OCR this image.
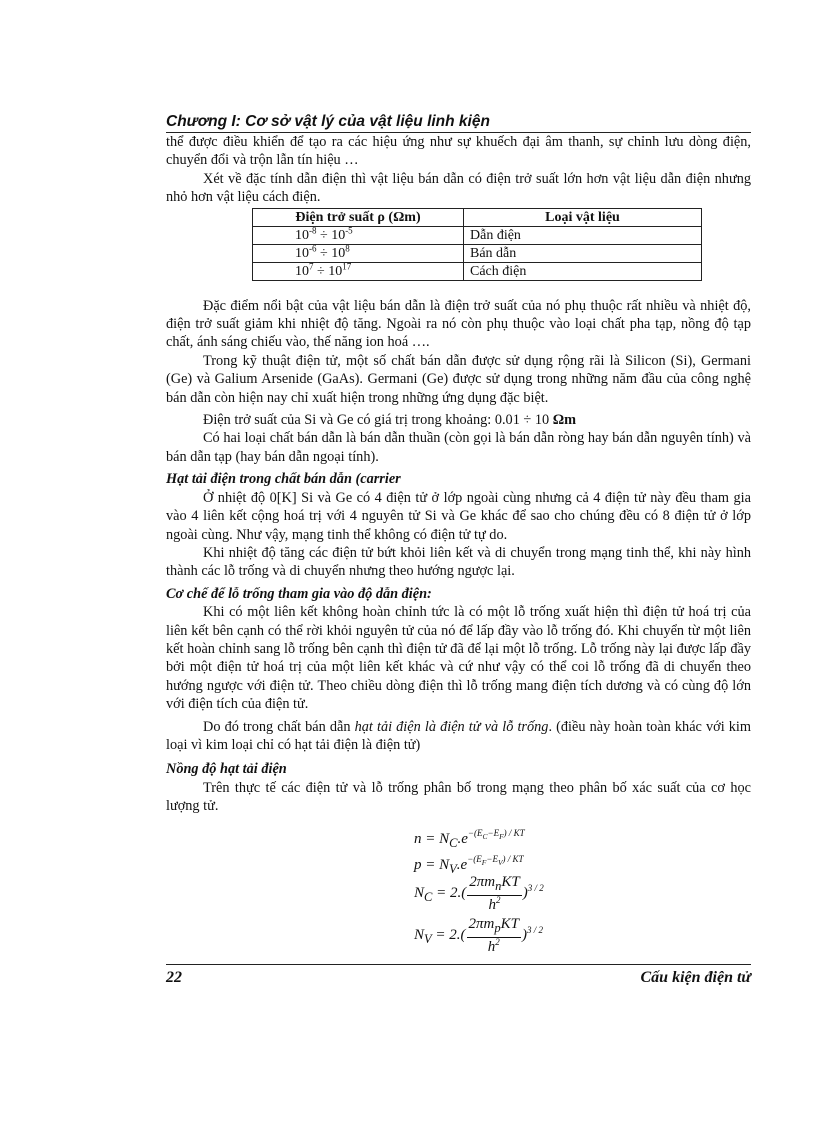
Chương I: Cơ sở vật lý của vật liệu linh kiện

thể được điều khiển để tạo ra các hiệu ứng như sự khuếch đại âm thanh, sự chỉnh lưu dòng điện, chuyển đổi và trộn lẫn tín hiệu …

Xét về đặc tính dẫn điện thì vật liệu bán dẫn có điện trở suất lớn hơn vật liệu dẫn điện nhưng nhỏ hơn vật liệu cách điện.

Điện trở suất ρ (Ωm)	Loại vật liệu
$10^{-8} \div 10^{-5}$	Dẫn điện
$10^{-6} \div 10^8$	Bán dẫn
$10^7 \div 10^{17}$	Cách điện

Đặc điểm nổi bật của vật liệu bán dẫn là điện trở suất của nó phụ thuộc rất nhiều và nhiệt độ, điện trở suất giảm khi nhiệt độ tăng. Ngoài ra nó còn phụ thuộc vào loại chất pha tạp, nồng độ tạp chất, ánh sáng chiếu vào, thế năng ion hoá ….

Trong kỹ thuật điện tử, một số chất bán dẫn được sử dụng rộng rãi là Silicon (Si), Germani (Ge) và Galium Arsenide (GaAs). Germani (Ge) được sử dụng trong những năm đầu của công nghệ bán dẫn còn hiện nay chỉ xuất hiện trong những ứng dụng đặc biệt.

Điện trở suất của Si và Ge có giá trị trong khoảng: 0.01 ÷ 10 Ωm

Có hai loại chất bán dẫn là bán dẫn thuần (còn gọi là bán dẫn ròng hay bán dẫn nguyên tính) và bán dẫn tạp (hay bán dẫn ngoại tính).

Hạt tải điện trong chất bán dẫn (carrier

Ở nhiệt độ 0[K] Si và Ge có 4 điện tử ở lớp ngoài cùng nhưng cả 4 điện tử này đều tham gia vào 4 liên kết cộng hoá trị với 4 nguyên tử Si và Ge khác để sao cho chúng đều có 8 điện tử ở lớp ngoài cùng. Như vậy, mạng tinh thể không có điện tử tự do.

Khi nhiệt độ tăng các điện tử bứt khỏi liên kết và di chuyển trong mạng tinh thể, khi này hình thành các lỗ trống và di chuyển nhưng theo hướng ngược lại.

Cơ chế để lỗ trống tham gia vào độ dẫn điện:

Khi có một liên kết không hoàn chỉnh tức là có một lỗ trống xuất hiện thì điện tử hoá trị của liên kết bên cạnh có thể rời khỏi nguyên tử của nó để lấp đầy vào lỗ trống đó. Khi chuyển từ một liên kết hoàn chỉnh sang lỗ trống bên cạnh thì điện tử đã để lại một lỗ trống. Lỗ trống này lại được lấp đầy bởi một điện tử hoá trị của một liên kết khác và cứ như vậy có thể coi lỗ trống đã di chuyển theo hướng ngược với điện tử. Theo chiều dòng điện thì lỗ trống mang điện tích dương và có cùng độ lớn với điện tích của điện tử.

Do đó trong chất bán dẫn hạt tải điện là điện tử và lỗ trống. (điều này hoàn toàn khác với kim loại vì kim loại chỉ có hạt tải điện là điện tử)

Nồng độ hạt tải điện

Trên thực tế các điện tử và lỗ trống phân bố trong mạng theo phân bố xác suất của cơ học lượng tử.

$n = N_C.e^{-(E_C-E_F) / KT}$
$p = N_V.e^{-(E_F-E_V) / KT}$
$N_C = 2.( \frac{2\pi m_nKT}{h^2} )^{3 / 2}$
$N_V = 2.( \frac{2\pi m_pKT}{h^2} )^{3 / 2}$
22	Cấu kiện điện tử
